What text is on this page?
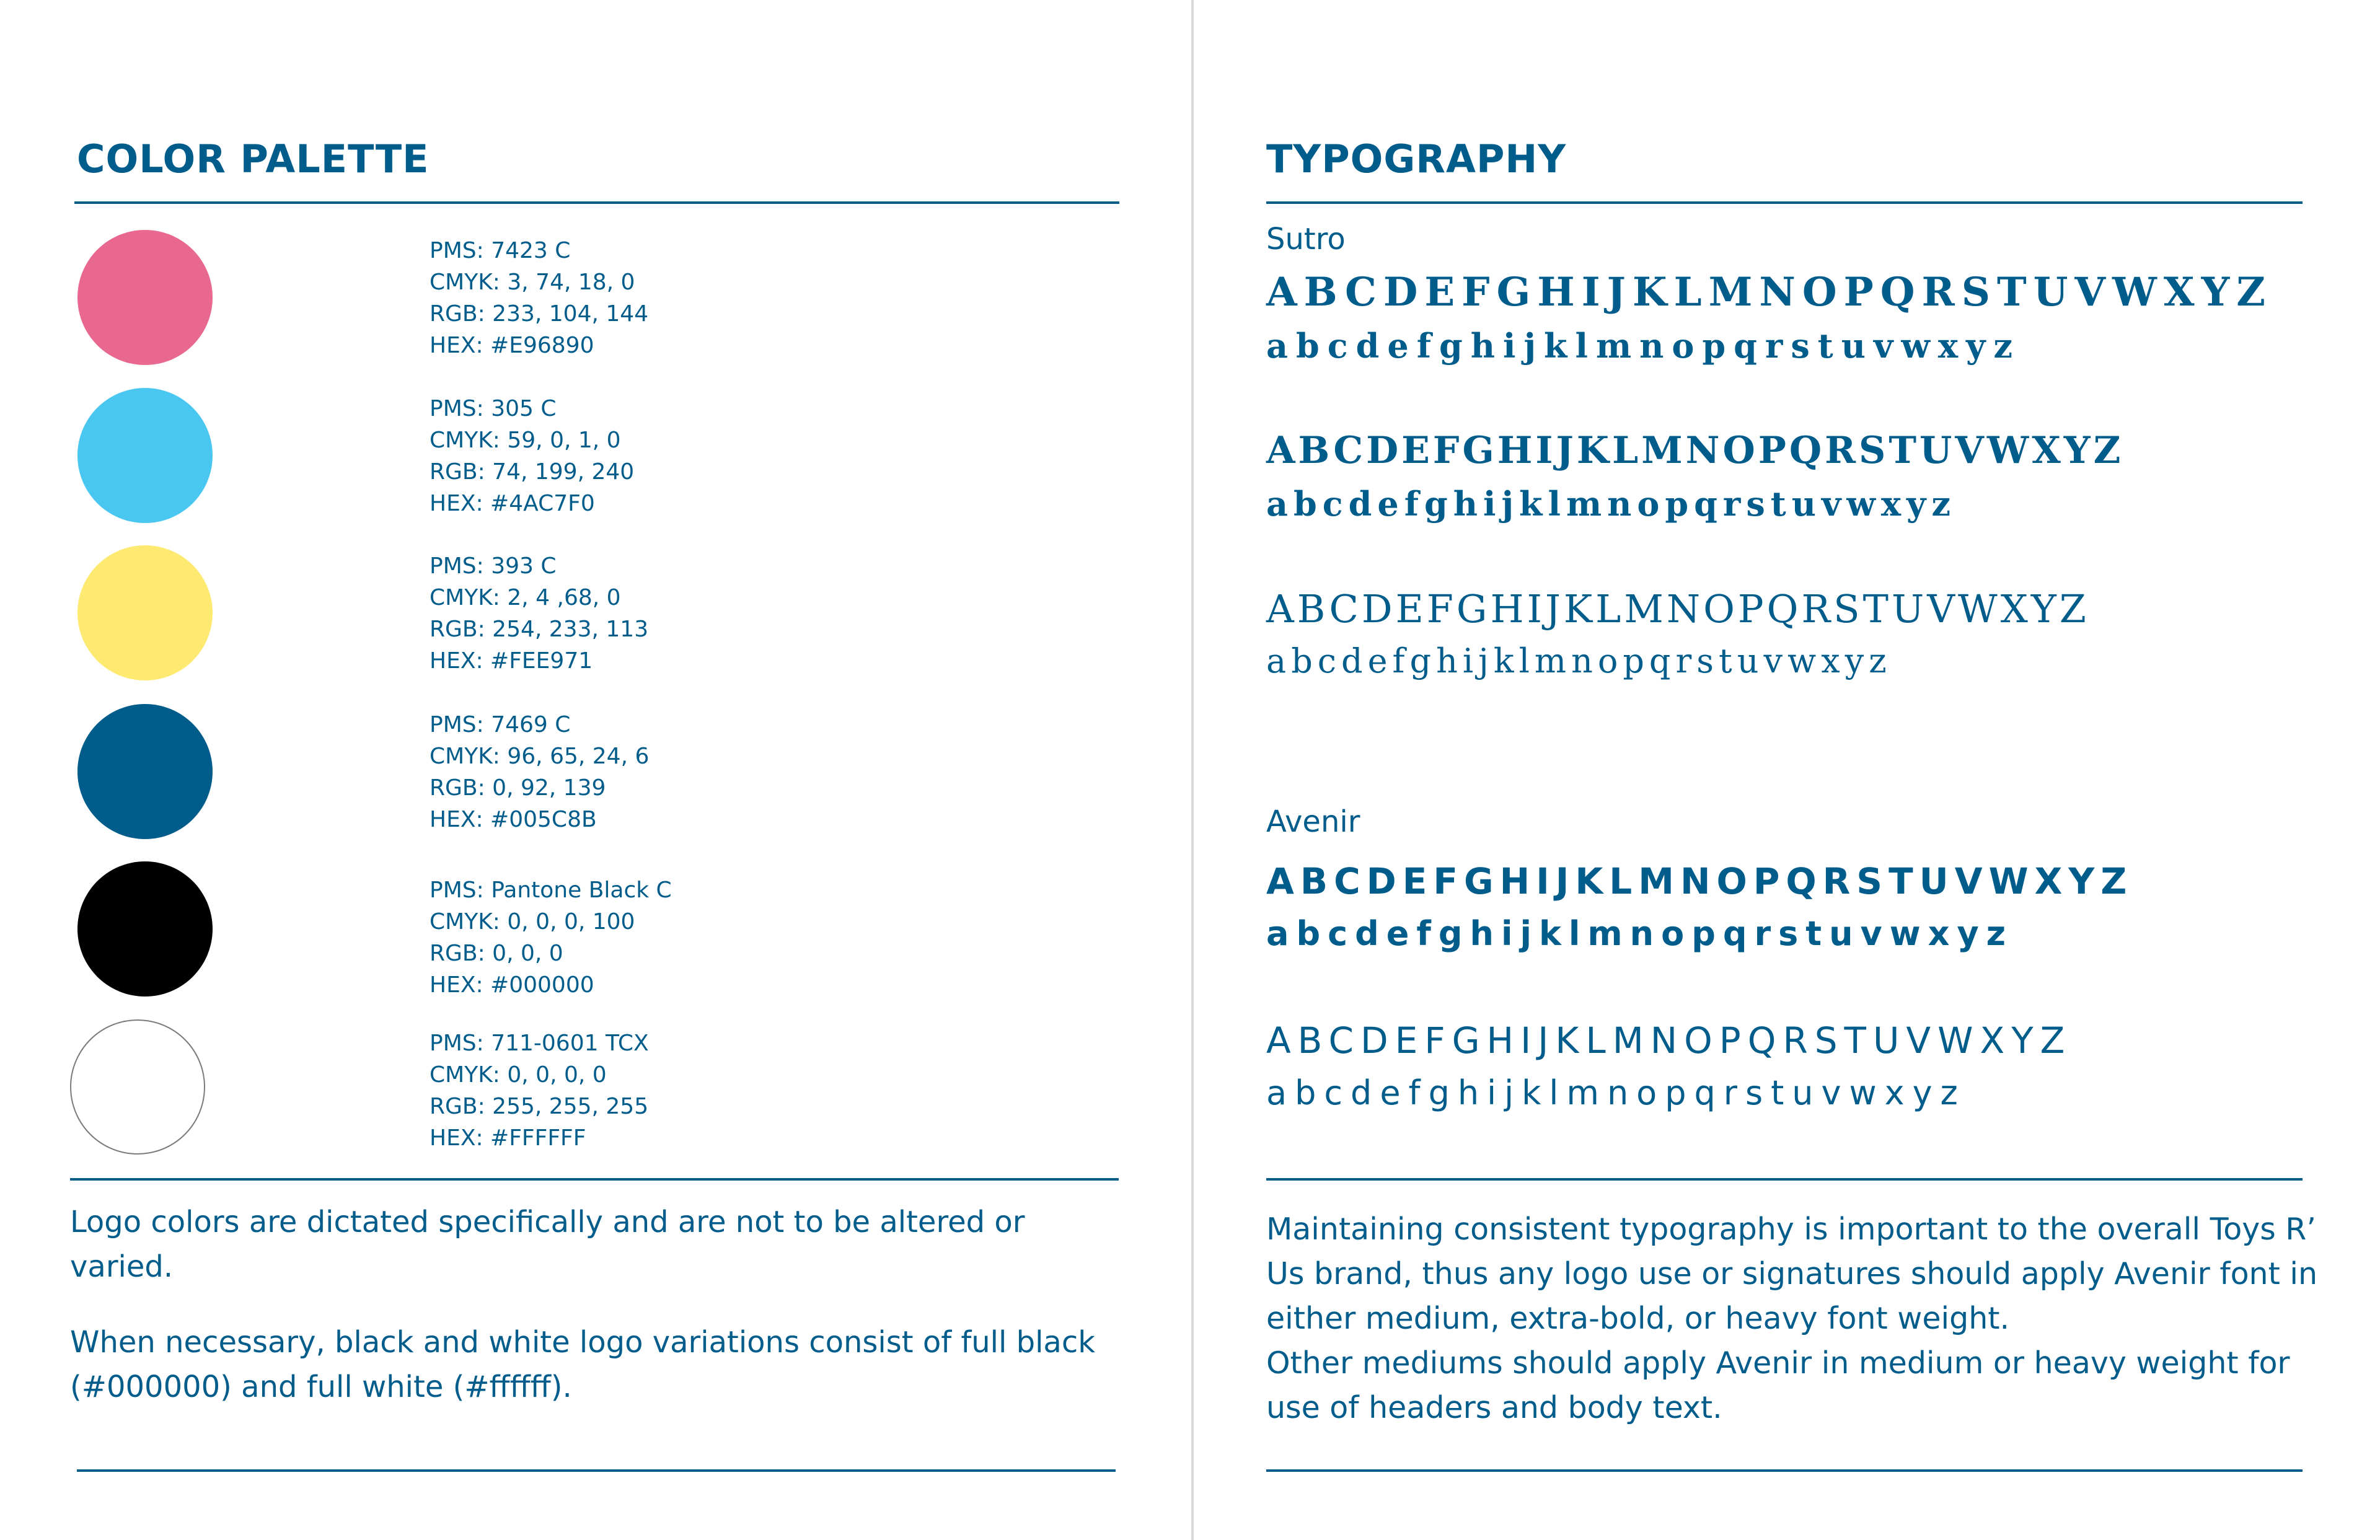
COLOR PALETTE
PMS: 7423 C
CMYK: 3, 74, 18, 0
RGB: 233, 104, 144
HEX: #E96890
PMS: 305 C
CMYK: 59, 0, 1, 0
RGB: 74, 199, 240
HEX: #4AC7F0
PMS: 393 C
CMYK: 2, 4 ,68, 0
RGB: 254, 233, 113
HEX: #FEE971
PMS: 7469 C
CMYK: 96, 65, 24, 6
RGB: 0, 92, 139
HEX: #005C8B
PMS: Pantone Black C
CMYK: 0, 0, 0, 100
RGB: 0, 0, 0
HEX: #000000
PMS: 711-0601 TCX
CMYK: 0, 0, 0, 0
RGB: 255, 255, 255
HEX: #FFFFFF

Logo colors are dictated specifically and are not to be altered or varied.

When necessary, black and white logo variations consist of full black (#000000) and full white (#ffffff).

TYPOGRAPHY
Sutro
ABCDEFGHIJKLMNOPQRSTUVWXYZ
abcdefghijklmnopqrstuvwxyz
ABCDEFGHIJKLMNOPQRSTUVWXYZ
abcdefghijklmnopqrstuvwxyz
ABCDEFGHIJKLMNOPQRSTUVWXYZ
abcdefghijklmnopqrstuvwxyz
Avenir
ABCDEFGHIJKLMNOPQRSTUVWXYZ
abcdefghijklmnopqrstuvwxyz
ABCDEFGHIJKLMNOPQRSTUVWXYZ
abcdefghijklmnopqrstuvwxyz
Maintaining consistent typography is important to the overall Toys R’ Us brand, thus any logo use or signatures should apply Avenir font in either medium, extra-bold, or heavy font weight.
Other mediums should apply Avenir in medium or heavy weight for use of headers and body text.
